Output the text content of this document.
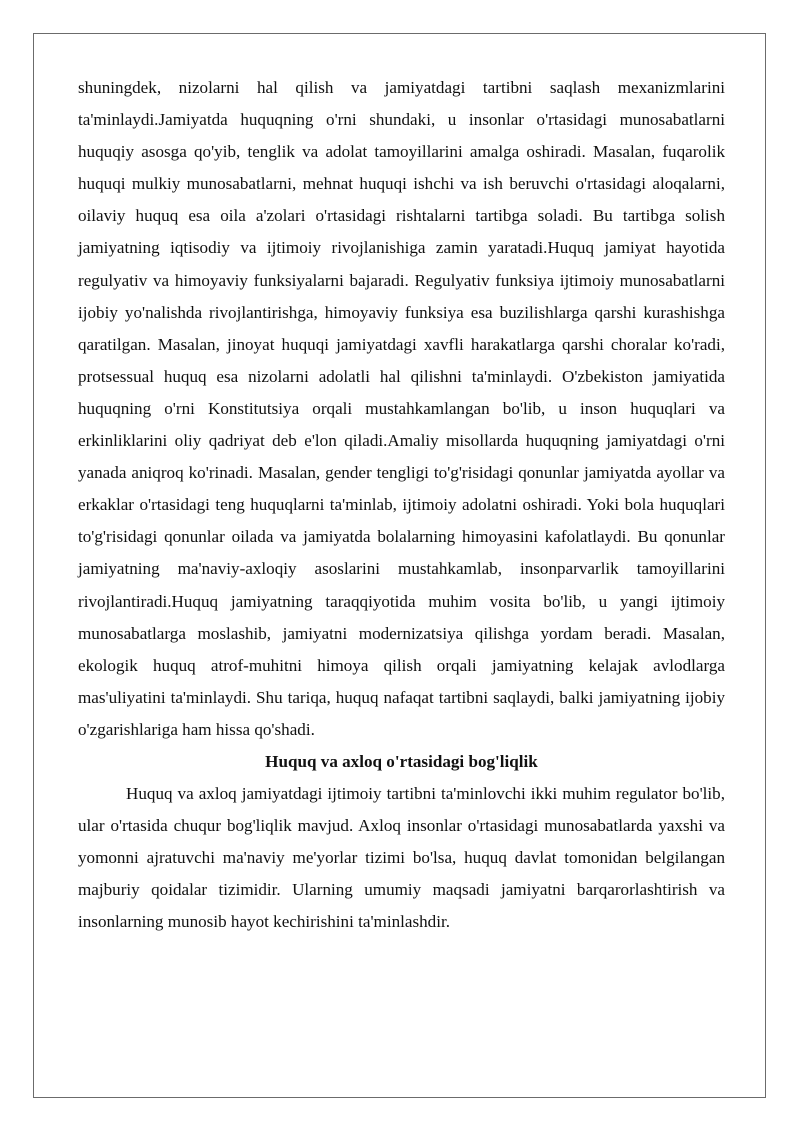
shuningdek, nizolarni hal qilish va jamiyatdagi tartibni saqlash mexanizmlarini ta'minlaydi.Jamiyatda huquqning o'rni shundaki, u insonlar o'rtasidagi munosabatlarni huquqiy asosga qo'yib, tenglik va adolat tamoyillarini amalga oshiradi. Masalan, fuqarolik huquqi mulkiy munosabatlarni, mehnat huquqi ishchi va ish beruvchi o'rtasidagi aloqalarni, oilaviy huquq esa oila a'zolari o'rtasidagi rishtalarni tartibga soladi. Bu tartibga solish jamiyatning iqtisodiy va ijtimoiy rivojlanishiga zamin yaratadi.Huquq jamiyat hayotida regulyativ va himoyaviy funksiyalarni bajaradi. Regulyativ funksiya ijtimoiy munosabatlarni ijobiy yo'nalishda rivojlantirishga, himoyaviy funksiya esa buzilishlarga qarshi kurashishga qaratilgan. Masalan, jinoyat huquqi jamiyatdagi xavfli harakatlarga qarshi choralar ko'radi, protsessual huquq esa nizolarni adolatli hal qilishni ta'minlaydi. O'zbekiston jamiyatida huquqning o'rni Konstitutsiya orqali mustahkamlangan bo'lib, u inson huquqlari va erkinliklarini oliy qadriyat deb e'lon qiladi.Amaliy misollarda huquqning jamiyatdagi o'rni yanada aniqroq ko'rinadi. Masalan, gender tengligi to'g'risidagi qonunlar jamiyatda ayollar va erkaklar o'rtasidagi teng huquqlarni ta'minlab, ijtimoiy adolatni oshiradi. Yoki bola huquqlari to'g'risidagi qonunlar oilada va jamiyatda bolalarning himoyasini kafolatlaydi. Bu qonunlar jamiyatning ma'naviy-axloqiy asoslarini mustahkamlab, insonparvarlik tamoyillarini rivojlantiradi.Huquq jamiyatning taraqqiyotida muhim vosita bo'lib, u yangi ijtimoiy munosabatlarga moslashib, jamiyatni modernizatsiya qilishga yordam beradi. Masalan, ekologik huquq atrof-muhitni himoya qilish orqali jamiyatning kelajak avlodlarga mas'uliyatini ta'minlaydi. Shu tariqa, huquq nafaqat tartibni saqlaydi, balki jamiyatning ijobiy o'zgarishlariga ham hissa qo'shadi.

Huquq va axloq o'rtasidagi bog'liqlik

Huquq va axloq jamiyatdagi ijtimoiy tartibni ta'minlovchi ikki muhim regulator bo'lib, ular o'rtasida chuqur bog'liqlik mavjud. Axloq insonlar o'rtasidagi munosabatlarda yaxshi va yomonni ajratuvchi ma'naviy me'yorlar tizimi bo'lsa, huquq davlat tomonidan belgilangan majburiy qoidalar tizimidir. Ularning umumiy maqsadi jamiyatni barqarorlashtirish va insonlarning munosib hayot kechirishini ta'minlashdir.
